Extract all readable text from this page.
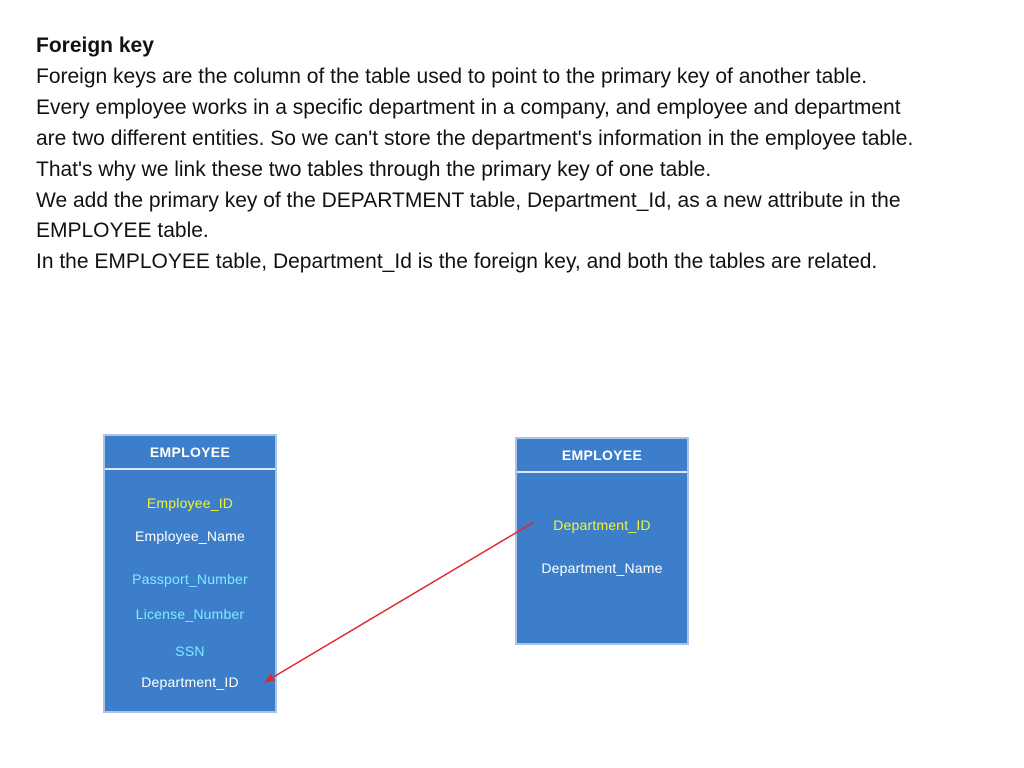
Foreign key

Foreign keys are the column of the table used to point to the primary key of another table.

Every employee works in a specific department in a company, and employee and department are two different entities. So we can't store the department's information in the employee table. That's why we link these two tables through the primary key of one table.

We add the primary key of the DEPARTMENT table, Department_Id, as a new attribute in the EMPLOYEE table.

In the EMPLOYEE table, Department_Id is the foreign key, and both the tables are related.

EMPLOYEE
Employee_ID
Employee_Name
Passport_Number
License_Number
SSN
Department_ID
EMPLOYEE
Department_ID
Department_Name
